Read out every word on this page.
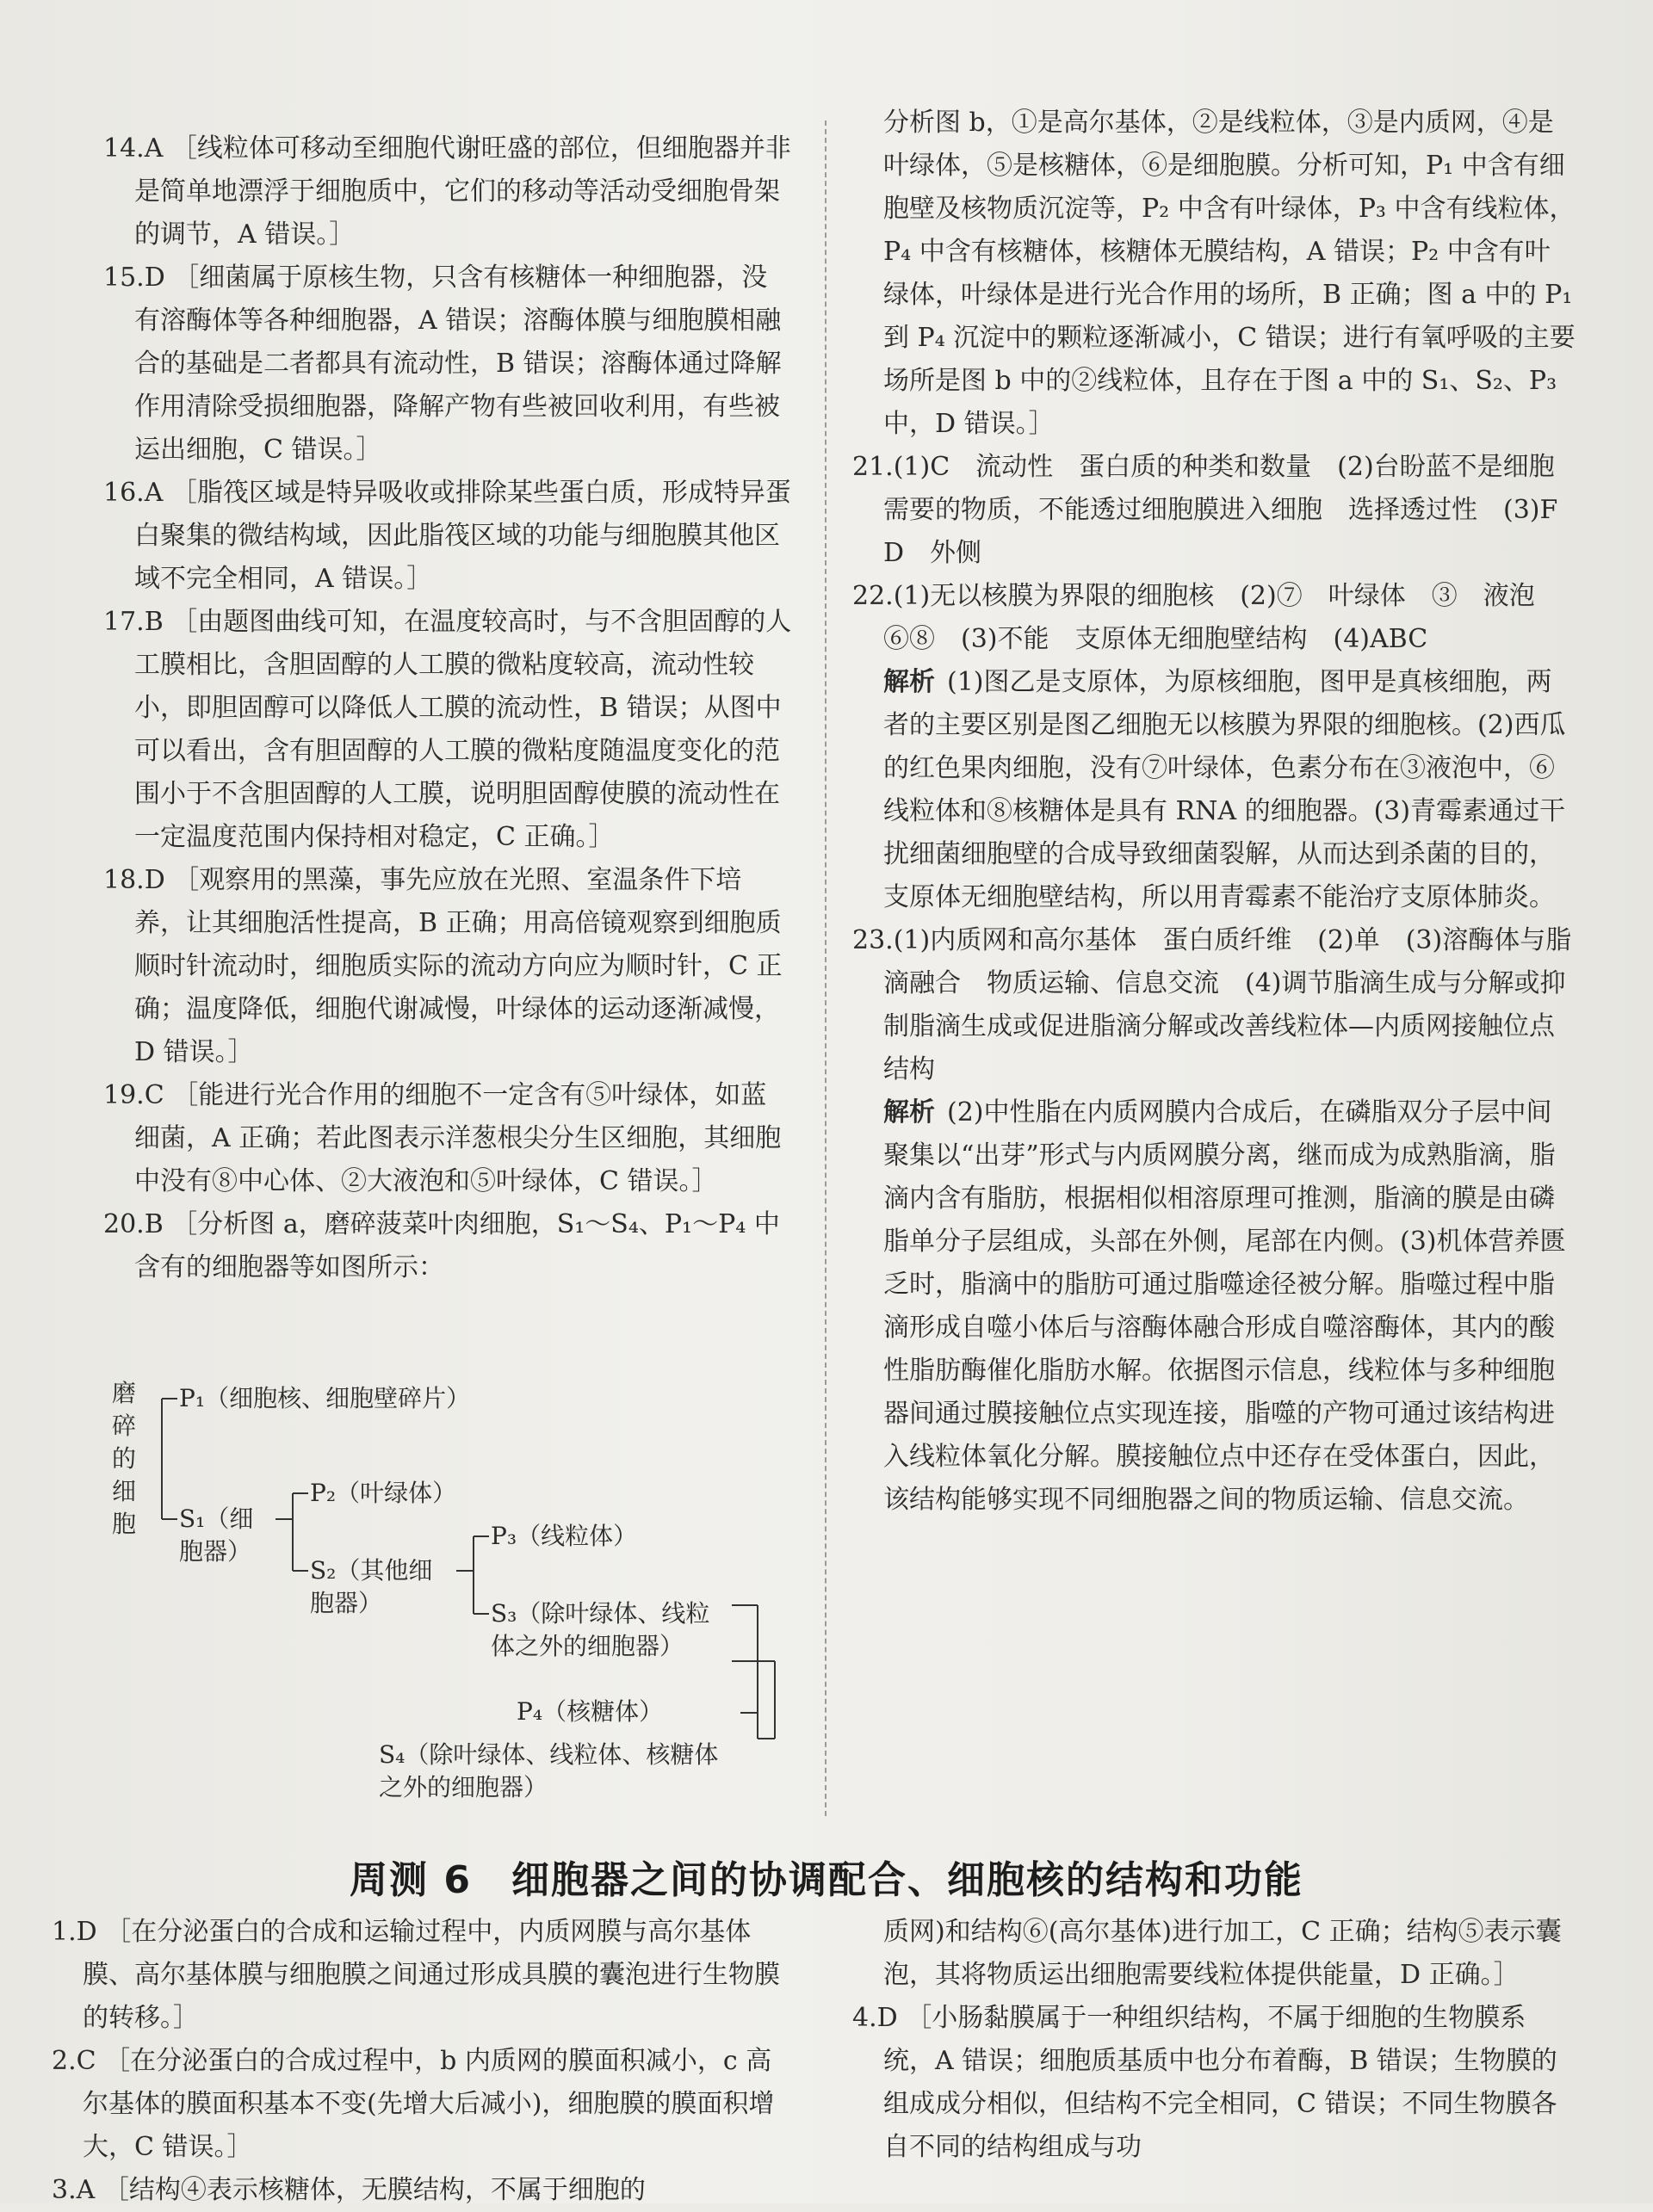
14.A ［线粒体可移动至细胞代谢旺盛的部位，但细胞器并非是简单地漂浮于细胞质中，它们的移动等活动受细胞骨架的调节，A 错误。］

15.D ［细菌属于原核生物，只含有核糖体一种细胞器，没有溶酶体等各种细胞器，A 错误；溶酶体膜与细胞膜相融合的基础是二者都具有流动性，B 错误；溶酶体通过降解作用清除受损细胞器，降解产物有些被回收利用，有些被运出细胞，C 错误。］

16.A ［脂筏区域是特异吸收或排除某些蛋白质，形成特异蛋白聚集的微结构域，因此脂筏区域的功能与细胞膜其他区域不完全相同，A 错误。］

17.B ［由题图曲线可知，在温度较高时，与不含胆固醇的人工膜相比，含胆固醇的人工膜的微粘度较高，流动性较小，即胆固醇可以降低人工膜的流动性，B 错误；从图中可以看出，含有胆固醇的人工膜的微粘度随温度变化的范围小于不含胆固醇的人工膜，说明胆固醇使膜的流动性在一定温度范围内保持相对稳定，C 正确。］

18.D ［观察用的黑藻，事先应放在光照、室温条件下培养，让其细胞活性提高，B 正确；用高倍镜观察到细胞质顺时针流动时，细胞质实际的流动方向应为顺时针，C 正确；温度降低，细胞代谢减慢，叶绿体的运动逐渐减慢，D 错误。］

19.C ［能进行光合作用的细胞不一定含有⑤叶绿体，如蓝细菌，A 正确；若此图表示洋葱根尖分生区细胞，其细胞中没有⑧中心体、②大液泡和⑤叶绿体，C 错误。］

20.B ［分析图 a，磨碎菠菜叶肉细胞，S₁～S₄、P₁～P₄ 中含有的细胞器等如图所示：

磨碎的细胞
P₁（细胞核、细胞壁碎片）
S₁（细胞器）
P₂（叶绿体）
S₂（其他细胞器）
P₃（线粒体）
S₃（除叶绿体、线粒体之外的细胞器）
P₄（核糖体）
S₄（除叶绿体、线粒体、核糖体之外的细胞器）

分析图 b，①是高尔基体，②是线粒体，③是内质网，④是叶绿体，⑤是核糖体，⑥是细胞膜。分析可知，P₁ 中含有细胞壁及核物质沉淀等，P₂ 中含有叶绿体，P₃ 中含有线粒体，P₄ 中含有核糖体，核糖体无膜结构，A 错误；P₂ 中含有叶绿体，叶绿体是进行光合作用的场所，B 正确；图 a 中的 P₁ 到 P₄ 沉淀中的颗粒逐渐减小，C 错误；进行有氧呼吸的主要场所是图 b 中的②线粒体，且存在于图 a 中的 S₁、S₂、P₃ 中，D 错误。］

21.(1)C　流动性　蛋白质的种类和数量　(2)台盼蓝不是细胞需要的物质，不能透过细胞膜进入细胞　选择透过性　(3)F　D　外侧

22.(1)无以核膜为界限的细胞核　(2)⑦　叶绿体　③　液泡　⑥⑧　(3)不能　支原体无细胞壁结构　(4)ABC

解析 (1)图乙是支原体，为原核细胞，图甲是真核细胞，两者的主要区别是图乙细胞无以核膜为界限的细胞核。(2)西瓜的红色果肉细胞，没有⑦叶绿体，色素分布在③液泡中，⑥线粒体和⑧核糖体是具有 RNA 的细胞器。(3)青霉素通过干扰细菌细胞壁的合成导致细菌裂解，从而达到杀菌的目的，支原体无细胞壁结构，所以用青霉素不能治疗支原体肺炎。

23.(1)内质网和高尔基体　蛋白质纤维　(2)单　(3)溶酶体与脂滴融合　物质运输、信息交流　(4)调节脂滴生成与分解或抑制脂滴生成或促进脂滴分解或改善线粒体—内质网接触位点结构

解析 (2)中性脂在内质网膜内合成后，在磷脂双分子层中间聚集以“出芽”形式与内质网膜分离，继而成为成熟脂滴，脂滴内含有脂肪，根据相似相溶原理可推测，脂滴的膜是由磷脂单分子层组成，头部在外侧，尾部在内侧。(3)机体营养匮乏时，脂滴中的脂肪可通过脂噬途径被分解。脂噬过程中脂滴形成自噬小体后与溶酶体融合形成自噬溶酶体，其内的酸性脂肪酶催化脂肪水解。依据图示信息，线粒体与多种细胞器间通过膜接触位点实现连接，脂噬的产物可通过该结构进入线粒体氧化分解。膜接触位点中还存在受体蛋白，因此，该结构能够实现不同细胞器之间的物质运输、信息交流。

周测 6　细胞器之间的协调配合、细胞核的结构和功能

1.D ［在分泌蛋白的合成和运输过程中，内质网膜与高尔基体膜、高尔基体膜与细胞膜之间通过形成具膜的囊泡进行生物膜的转移。］

2.C ［在分泌蛋白的合成过程中，b 内质网的膜面积减小，c 高尔基体的膜面积基本不变(先增大后减小)，细胞膜的膜面积增大，C 错误。］

3.A ［结构④表示核糖体，无膜结构，不属于细胞的

质网)和结构⑥(高尔基体)进行加工，C 正确；结构⑤表示囊泡，其将物质运出细胞需要线粒体提供能量，D 正确。］

4.D ［小肠黏膜属于一种组织结构，不属于细胞的生物膜系统，A 错误；细胞质基质中也分布着酶，B 错误；生物膜的组成成分相似，但结构不完全相同，C 错误；不同生物膜各自不同的结构组成与功
